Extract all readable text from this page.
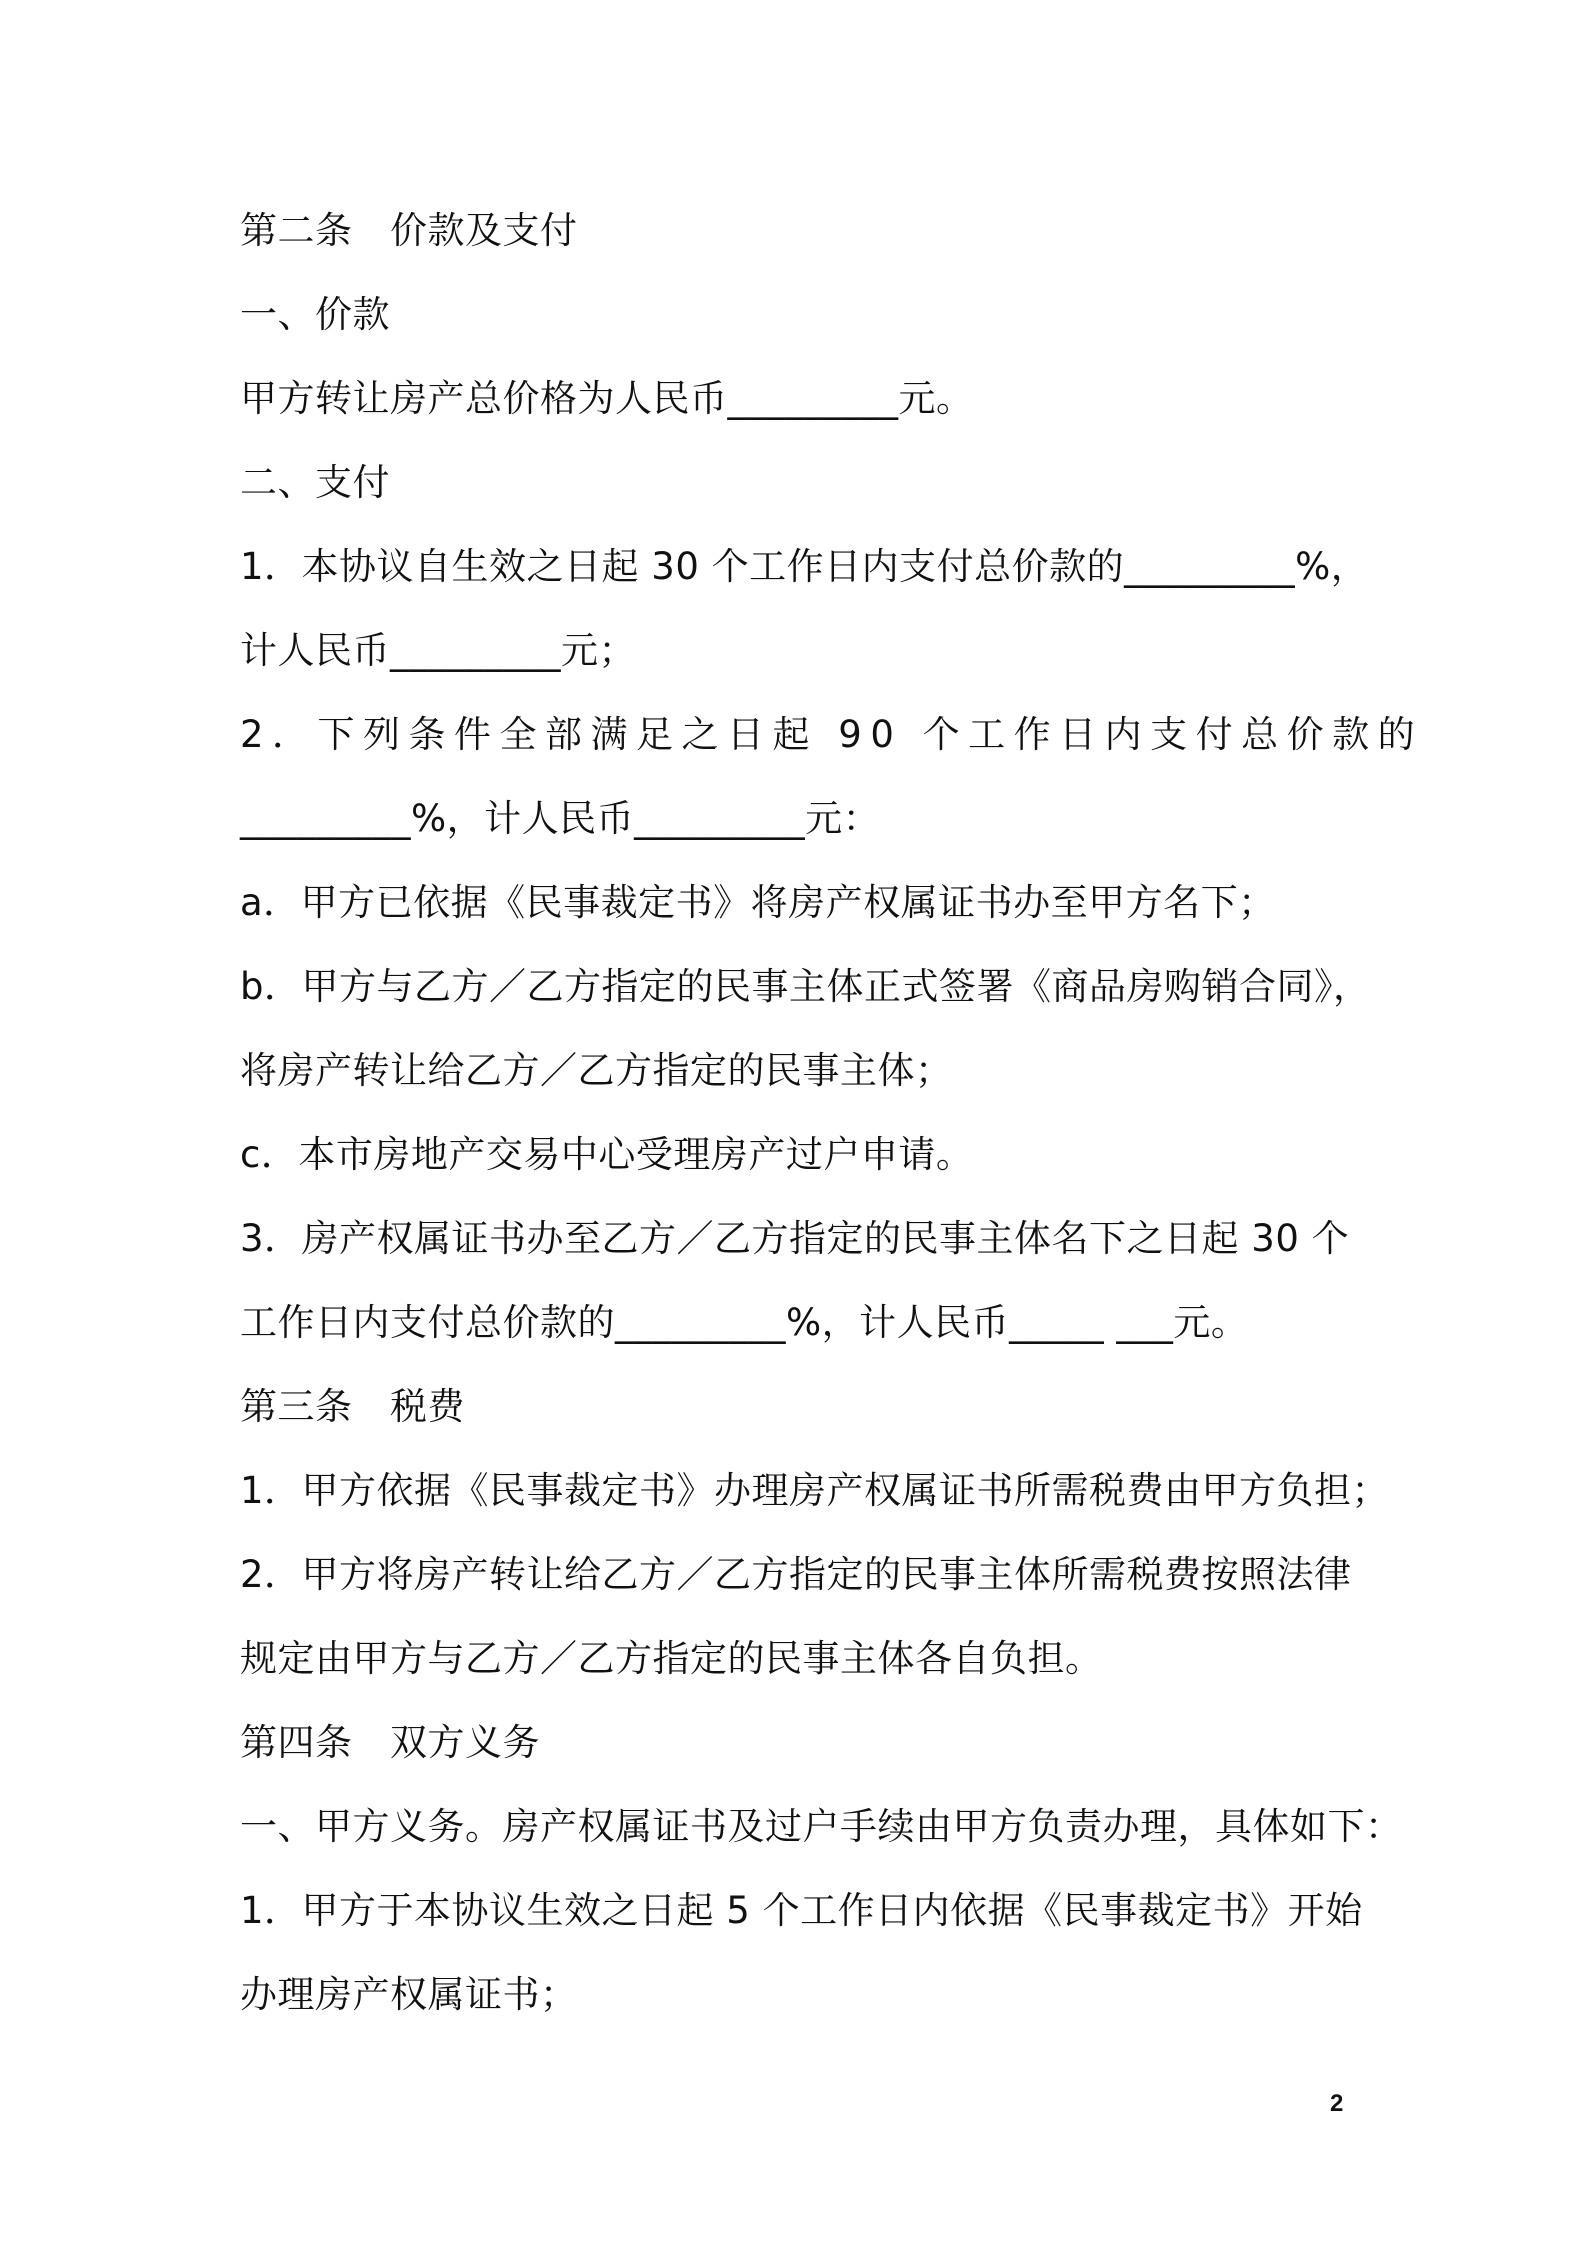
第二条　价款及支付
一、价款
甲方转让房产总价格为人民币_________元。
二、支付
1．本协议自生效之日起 30 个工作日内支付总价款的_________%，
计人民币_________元；
2．下列条件全部满足之日起 90 个工作日内支付总价款的
_________%，计人民币_________元：
a．甲方已依据《民事裁定书》将房产权属证书办至甲方名下；
b．甲方与乙方／乙方指定的民事主体正式签署《商品房购销合同》，
将房产转让给乙方／乙方指定的民事主体；
c．本市房地产交易中心受理房产过户申请。
3．房产权属证书办至乙方／乙方指定的民事主体名下之日起 30 个
工作日内支付总价款的_________%，计人民币_____ ___元。
第三条　税费
1．甲方依据《民事裁定书》办理房产权属证书所需税费由甲方负担；
2．甲方将房产转让给乙方／乙方指定的民事主体所需税费按照法律
规定由甲方与乙方／乙方指定的民事主体各自负担。
第四条　双方义务
一、甲方义务。房产权属证书及过户手续由甲方负责办理，具体如下：
1．甲方于本协议生效之日起 5 个工作日内依据《民事裁定书》开始
办理房产权属证书；
2
